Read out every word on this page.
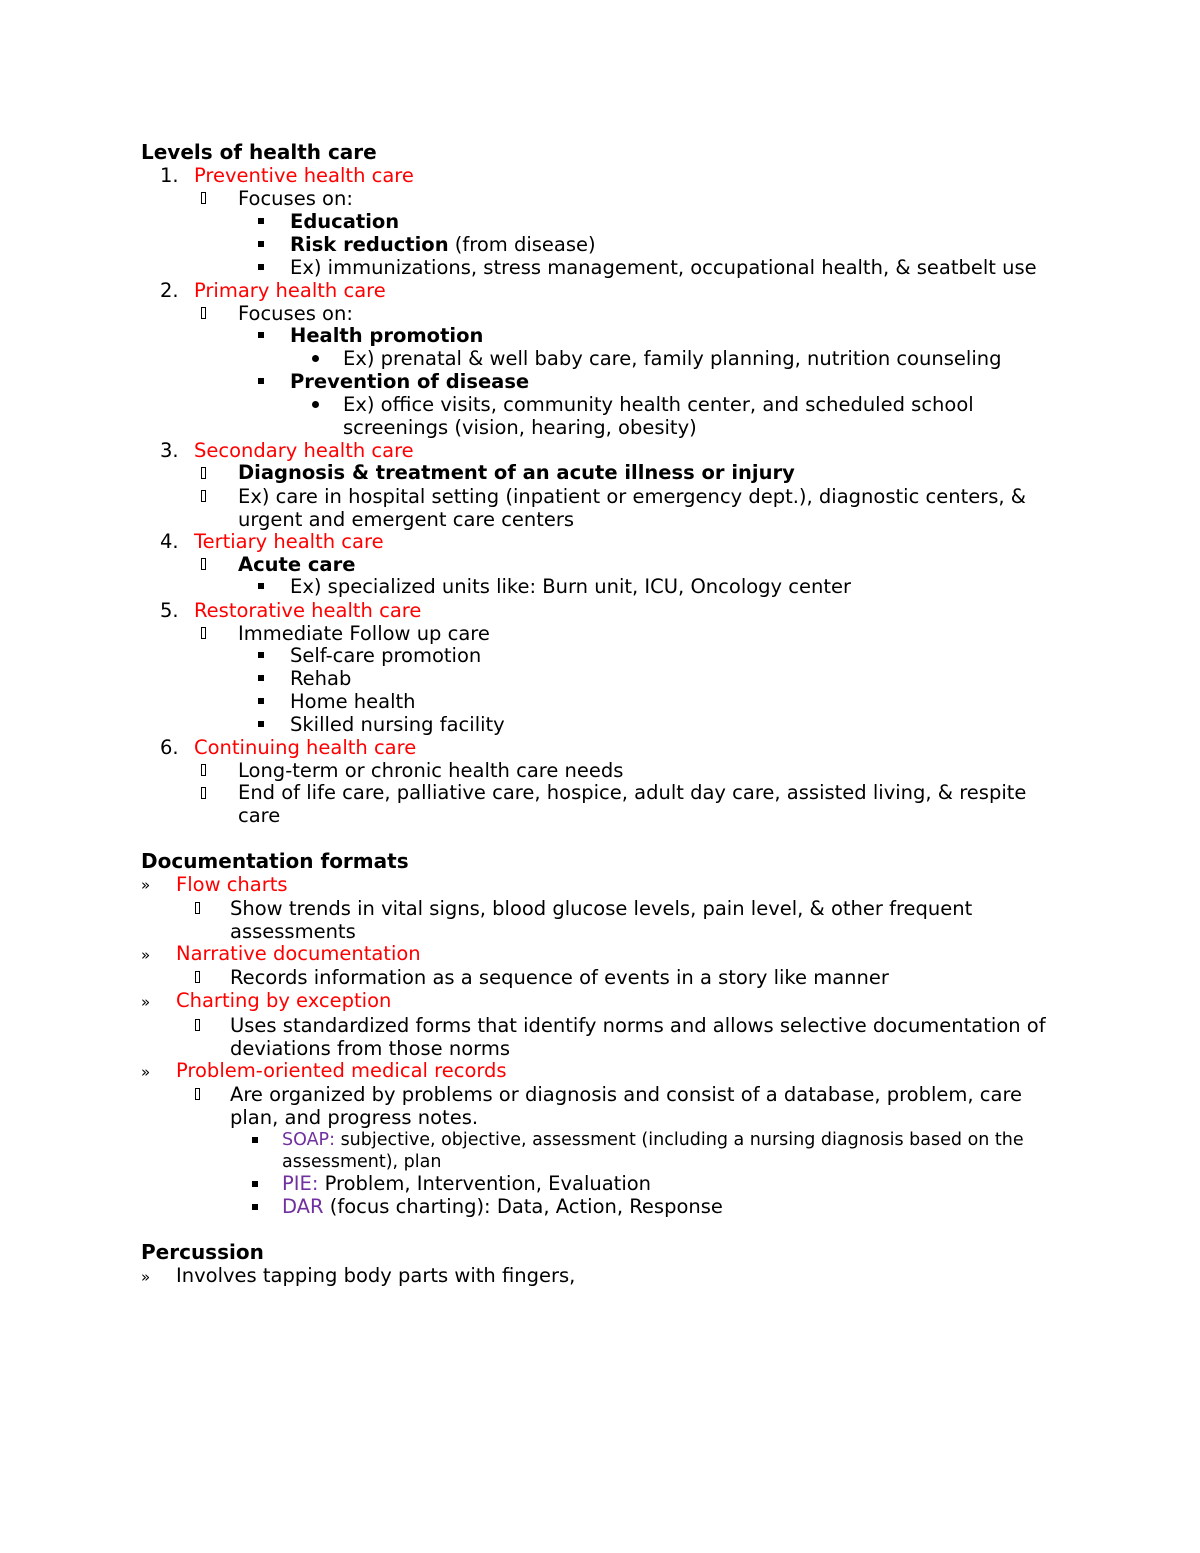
Levels of health care
1. Preventive health care
Focuses on:
Education
Risk reduction (from disease)
Ex) immunizations, stress management, occupational health, & seatbelt use
2. Primary health care
Focuses on:
Health promotion
Ex) prenatal & well baby care, family planning, nutrition counseling
Prevention of disease
Ex) office visits, community health center, and scheduled school
screenings (vision, hearing, obesity)
3. Secondary health care
Diagnosis & treatment of an acute illness or injury
Ex) care in hospital setting (inpatient or emergency dept.), diagnostic centers, &
urgent and emergent care centers
4. Tertiary health care
Acute care
Ex) specialized units like: Burn unit, ICU, Oncology center
5. Restorative health care
Immediate Follow up care
Self-care promotion
Rehab
Home health
Skilled nursing facility
6. Continuing health care
Long-term or chronic health care needs
End of life care, palliative care, hospice, adult day care, assisted living, & respite
care
Documentation formats
» Flow charts
Show trends in vital signs, blood glucose levels, pain level, & other frequent
assessments
» Narrative documentation
Records information as a sequence of events in a story like manner
» Charting by exception
Uses standardized forms that identify norms and allows selective documentation of
deviations from those norms
» Problem-oriented medical records
Are organized by problems or diagnosis and consist of a database, problem, care
plan, and progress notes.
SOAP: subjective, objective, assessment (including a nursing diagnosis based on the
assessment), plan
PIE: Problem, Intervention, Evaluation
DAR (focus charting): Data, Action, Response
Percussion
» Involves tapping body parts with fingers,
